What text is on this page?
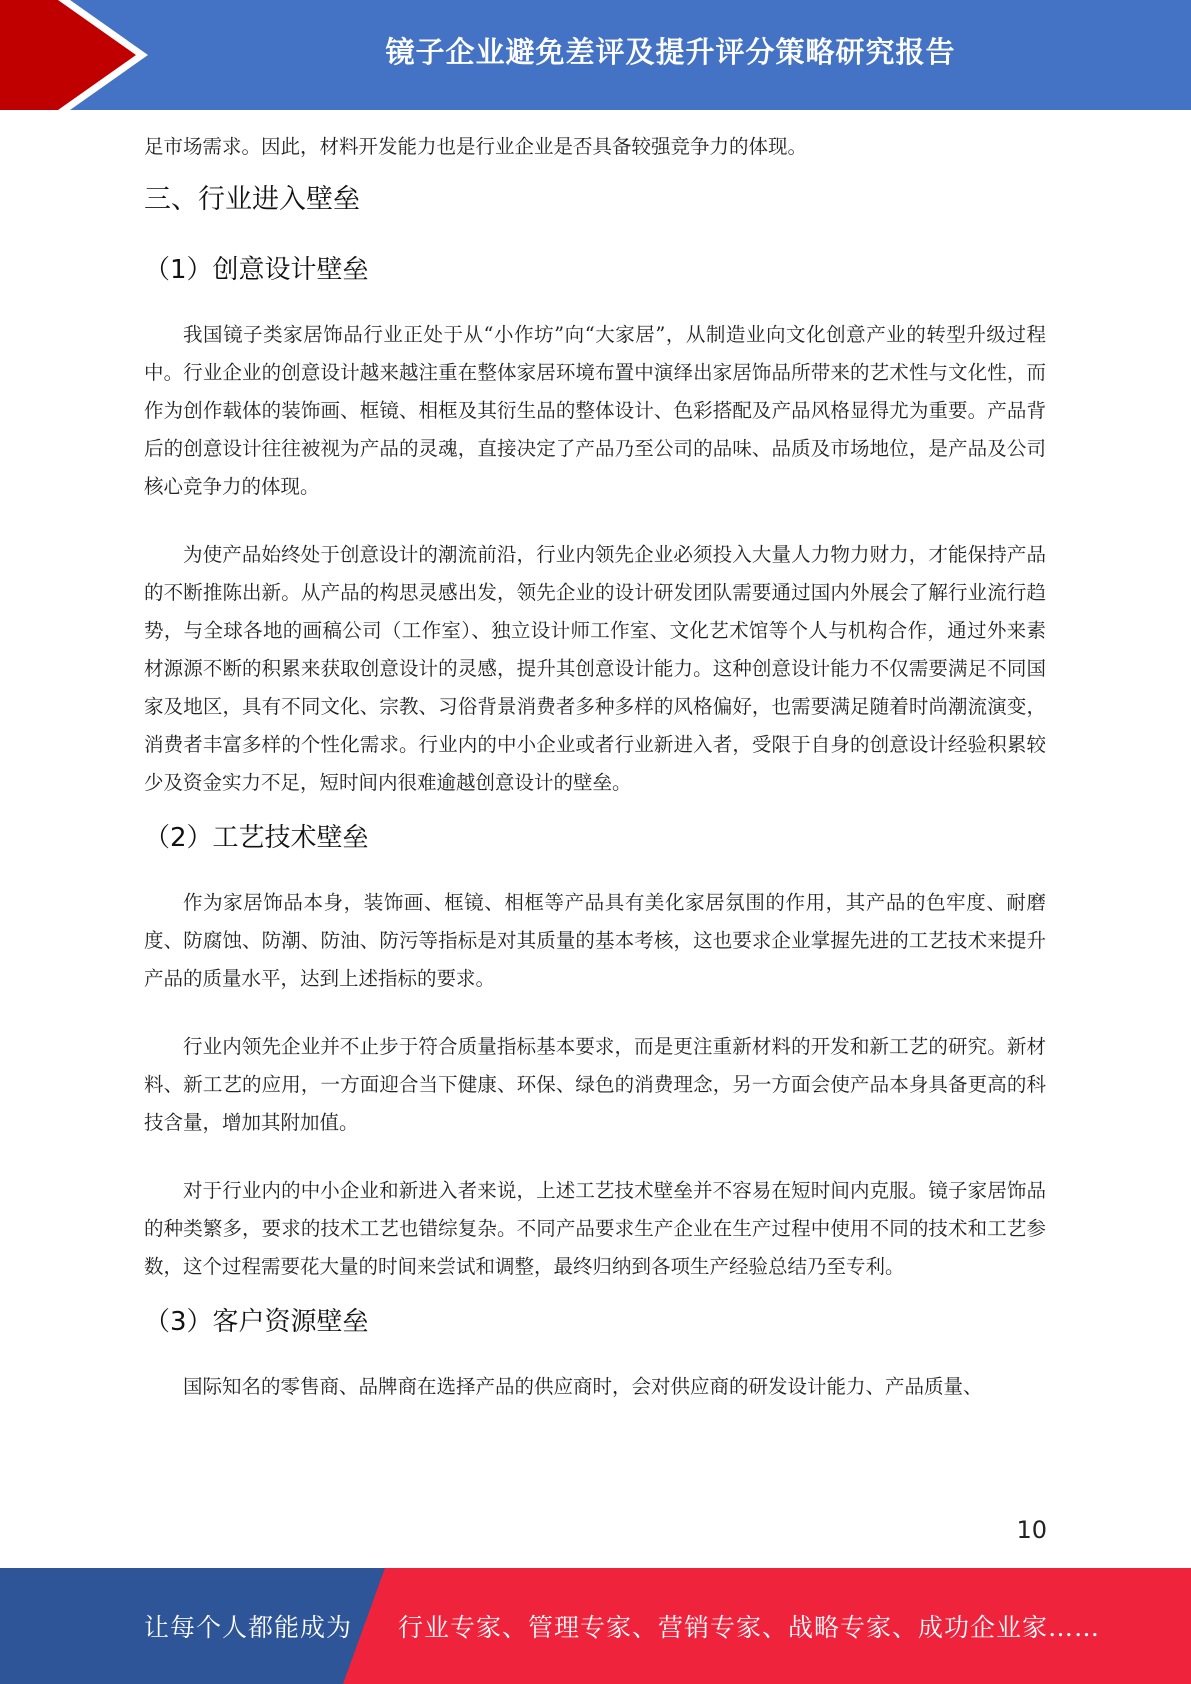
镜子企业避免差评及提升评分策略研究报告

足市场需求。因此，材料开发能力也是行业企业是否具备较强竞争力的体现。

三、行业进入壁垒
（1）创意设计壁垒

我国镜子类家居饰品行业正处于从“小作坊”向“大家居”，从制造业向文化创意产业的转型升级过程中。行业企业的创意设计越来越注重在整体家居环境布置中演绎出家居饰品所带来的艺术性与文化性，而作为创作载体的装饰画、框镜、相框及其衍生品的整体设计、色彩搭配及产品风格显得尤为重要。产品背后的创意设计往往被视为产品的灵魂，直接决定了产品乃至公司的品味、品质及市场地位，是产品及公司核心竞争力的体现。

为使产品始终处于创意设计的潮流前沿，行业内领先企业必须投入大量人力物力财力，才能保持产品的不断推陈出新。从产品的构思灵感出发，领先企业的设计研发团队需要通过国内外展会了解行业流行趋势，与全球各地的画稿公司（工作室）、独立设计师工作室、文化艺术馆等个人与机构合作，通过外来素材源源不断的积累来获取创意设计的灵感，提升其创意设计能力。这种创意设计能力不仅需要满足不同国家及地区，具有不同文化、宗教、习俗背景消费者多种多样的风格偏好，也需要满足随着时尚潮流演变，消费者丰富多样的个性化需求。行业内的中小企业或者行业新进入者，受限于自身的创意设计经验积累较少及资金实力不足，短时间内很难逾越创意设计的壁垒。

（2）工艺技术壁垒

作为家居饰品本身，装饰画、框镜、相框等产品具有美化家居氛围的作用，其产品的色牢度、耐磨度、防腐蚀、防潮、防油、防污等指标是对其质量的基本考核，这也要求企业掌握先进的工艺技术来提升产品的质量水平，达到上述指标的要求。

行业内领先企业并不止步于符合质量指标基本要求，而是更注重新材料的开发和新工艺的研究。新材料、新工艺的应用，一方面迎合当下健康、环保、绿色的消费理念，另一方面会使产品本身具备更高的科技含量，增加其附加值。

对于行业内的中小企业和新进入者来说，上述工艺技术壁垒并不容易在短时间内克服。镜子家居饰品的种类繁多，要求的技术工艺也错综复杂。不同产品要求生产企业在生产过程中使用不同的技术和工艺参数，这个过程需要花大量的时间来尝试和调整，最终归纳到各项生产经验总结乃至专利。

（3）客户资源壁垒

国际知名的零售商、品牌商在选择产品的供应商时，会对供应商的研发设计能力、产品质量、

10
让每个人都能成为 行业专家、管理专家、营销专家、战略专家、成功企业家……
